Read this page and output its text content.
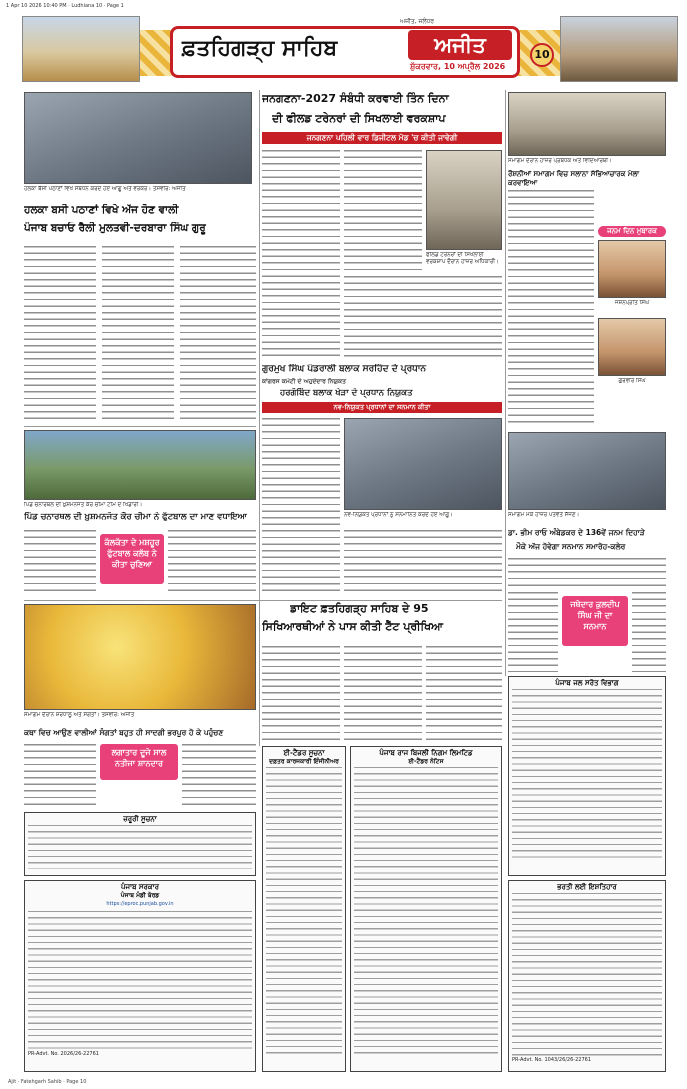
1 Apr 10 2026 10:40 PM · Ludhiana 10 · Page 1
ਅਜੀਤ, ਜਲੰਧਰ
ਫ਼ਤਹਿਗੜ੍ਹ ਸਾਹਿਬ	ਅਜੀਤ
ਸ਼ੁੱਕਰਵਾਰ, 10 ਅਪ੍ਰੈਲ 2026
10
ਹਲਕਾ ਬੱਸੀ ਪਠਾਣਾਂ ਵਿਖੇ ਸੰਬੋਧਨ ਕਰਦੇ ਹੋਏ ਆਗੂ ਅਤੇ ਵਰਕਰ। ਤਸਵੀਰ: ਅਜੀਤ
ਹਲਕਾ ਬਸੀ ਪਠਾਣਾਂ ਵਿਖੇ ਅੱਜ ਹੋਣ ਵਾਲੀ
ਪੰਜਾਬ ਬਚਾਓ ਰੈਲੀ ਮੁਲਤਵੀ-ਦਰਬਾਰਾ ਸਿੰਘ ਗੁਰੂ
ਪਿੰਡ ਚਨਾਰਥਲ ਦੀ ਖ਼ੁਸ਼ਮਨਜੋਤ ਕੌਰ ਚੀਮਾ ਟੀਮ ਦੇ ਖਿਡਾਰੀ।
ਪਿੰਡ ਚਨਾਰਥਲ ਦੀ ਖ਼ੁਸ਼ਮਨਜੋਤ ਕੌਰ ਚੀਮਾ ਨੇ ਫੁੱਟਬਾਲ ਦਾ ਮਾਣ ਵਧਾਇਆ
ਕੱਲਕੱਤਾ ਦੇ ਮਸ਼ਹੂਰ ਫੁੱਟਬਾਲ ਕਲੱਬ ਨੇ ਕੀਤਾ ਚੁਣਿਆ
ਜਨਗਣਨਾ-2027 ਸੰਬੰਧੀ ਕਰਵਾਈ ਤਿੰਨ ਦਿਨਾ
ਦੀ ਫੀਲਡ ਟਰੇਨਰਾਂ ਦੀ ਸਿਖਲਾਈ ਵਰਕਸ਼ਾਪ
ਜਨਗਣਨਾ ਪਹਿਲੀ ਵਾਰ ਡਿਜੀਟਲ ਮੋਡ 'ਚ ਕੀਤੀ ਜਾਵੇਗੀ
ਫੀਲਡ ਟਰੇਨਰਾਂ ਦੀ ਸਿਖਲਾਈ ਵਰਕਸ਼ਾਪ ਦੌਰਾਨ ਹਾਜ਼ਰ ਅਧਿਕਾਰੀ।
ਗੁਰਮੁਖ ਸਿੰਘ ਪੰਡਰਾਲੀ ਬਲਾਕ ਸਰਹਿੰਦ ਦੇ ਪ੍ਰਧਾਨ
ਕਾਂਗਰਸ ਕਮੇਟੀ ਦੇ ਅਹੁਦੇਦਾਰ ਨਿਯੁਕਤ
ਹਰਗੋਬਿੰਦ ਬਲਾਕ ਖੇੜਾ ਦੇ ਪ੍ਰਧਾਨ ਨਿਯੁਕਤ
ਨਵ-ਨਿਯੁਕਤ ਪ੍ਰਧਾਨਾਂ ਦਾ ਸਨਮਾਨ ਕੀਤਾ
ਨਵ-ਨਿਯੁਕਤ ਪ੍ਰਧਾਨਾਂ ਨੂੰ ਸਨਮਾਨਿਤ ਕਰਦੇ ਹੋਏ ਆਗੂ।
ਸਮਾਗਮ ਦੌਰਾਨ ਹਾਜ਼ਰ ਪ੍ਰਬੰਧਕ ਅਤੇ ਵਿਦਿਆਰਥੀ।
ਰੌਸ਼ਨੀਆਂ ਸਮਾਗਮ ਵਿਚ ਸਲਾਨਾ ਸੱਭਿਆਚਾਰਕ ਮੇਲਾ ਕਰਵਾਇਆ
ਜਨਮ ਦਿਨ ਮੁਬਾਰਕ
ਜਸ਼ਨਪ੍ਰੀਤ ਸਿੰਘ
ਗੁਰਵੀਰ ਸਿੰਘ
ਸਮਾਗਮ ਮੌਕੇ ਹਾਜ਼ਰ ਪਤਵੰਤੇ ਸੱਜਣ।
ਡਾ. ਭੀਮ ਰਾਓ ਅੰਬੇਡਕਰ ਦੇ 136ਵੇਂ ਜਨਮ ਦਿਹਾੜੇ
ਮੌਕੇ ਅੱਜ ਹੋਵੇਗਾ ਸਨਮਾਨ ਸਮਾਰੋਹ-ਕਲੇਰ
ਜਥੇਦਾਰ ਕੁਲਦੀਪ ਸਿੰਘ ਜੀ ਦਾ ਸਨਮਾਨ
ਸਮਾਗਮ ਦੌਰਾਨ ਸ਼ਰਧਾਲੂ ਅਤੇ ਸੰਗਤਾਂ। ਤਸਵੀਰ: ਅਜੀਤ
ਡਾਇਟ ਫ਼ਤਹਿਗੜ੍ਹ ਸਾਹਿਬ ਦੇ 95
ਸਿਖਿਆਰਥੀਆਂ ਨੇ ਪਾਸ ਕੀਤੀ ਟੈੱਟ ਪ੍ਰੀਖਿਆ
ਕਥਾ ਵਿਚ ਆਉਣ ਵਾਲੀਆਂ ਸੰਗਤਾਂ ਬਹੁਤ ਹੀ ਸਾਦਗੀ ਭਰਪੂਰ ਹੋ ਕੇ ਪਹੁੰਚਣ
ਲਗਾਤਾਰ ਦੂਜੇ ਸਾਲ ਨਤੀਜਾ ਸ਼ਾਨਦਾਰ
ਜ਼ਰੂਰੀ ਸੂਚਨਾ
ਪੰਜਾਬ ਸਰਕਾਰ
ਪੰਜਾਬ ਮੰਡੀ ਬੋਰਡ
https://eproc.punjab.gov.in
PR-Advt. No. 2026/26-22761
ਈ-ਟੈਂਡਰ ਸੂਚਨਾ
ਦਫ਼ਤਰ ਕਾਰਜਕਾਰੀ ਇੰਜੀਨੀਅਰ
ਪੰਜਾਬ ਰਾਜ ਬਿਜਲੀ ਨਿਗਮ ਲਿਮਟਿਡ
ਈ-ਟੈਂਡਰ ਨੋਟਿਸ
ਪੰਜਾਬ ਜਲ ਸਰੋਤ ਵਿਭਾਗ
ਭਰਤੀ ਲਈ ਇਸ਼ਤਿਹਾਰ
PR-Advt. No. 1043/26/26-22761
Ajit · Fatehgarh Sahib · Page 10
